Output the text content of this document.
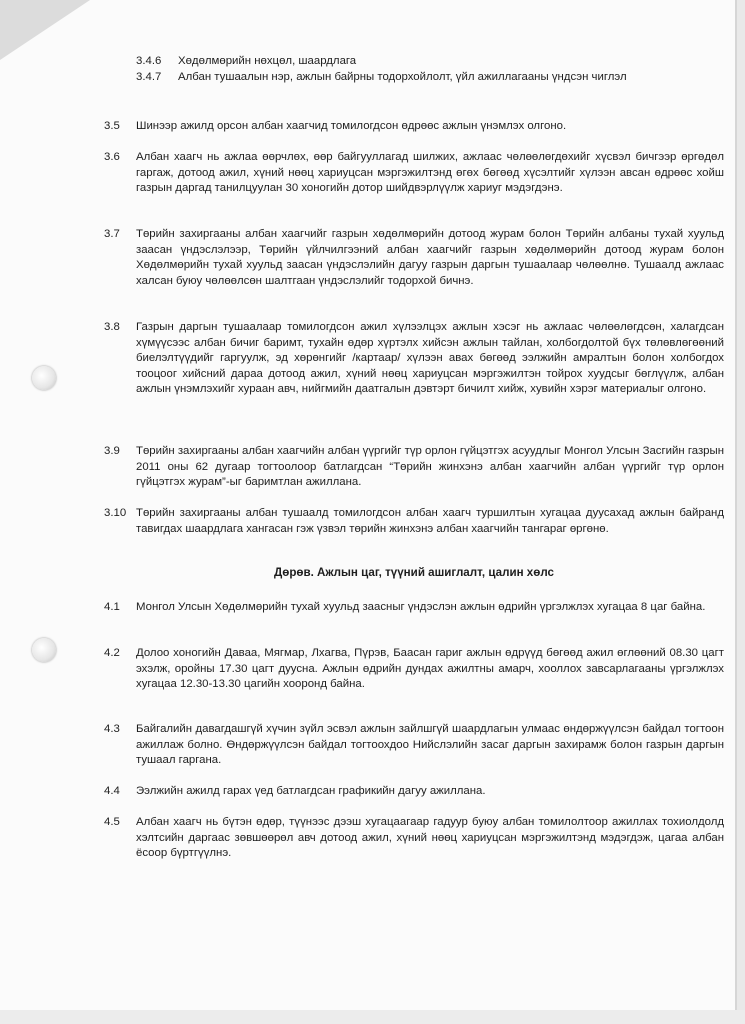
3.4.6	Хөдөлмөрийн нөхцөл, шаардлага
3.4.7	Албан тушаалын нэр, ажлын байрны тодорхойлолт, үйл ажиллагааны үндсэн чиглэл
3.5	Шинээр ажилд орсон албан хаагчид томилогдсон өдрөөс ажлын үнэмлэх олгоно.
3.6	Албан хаагч нь ажлаа өөрчлөх, өөр байгууллагад шилжих, ажлаас чөлөөлөгдөхийг хүсвэл бичгээр өргөдөл гаргаж, дотоод ажил, хүний нөөц хариуцсан мэргэжилтэнд өгөх бөгөөд хүсэлтийг хүлээн авсан өдрөөс хойш газрын даргад танилцуулан 30 хоногийн дотор шийдвэрлүүлж хариуг мэдэгдэнэ.
3.7	Төрийн захиргааны албан хаагчийг газрын хөдөлмөрийн дотоод журам болон Төрийн албаны тухай хуульд заасан үндэслэлээр, Төрийн үйлчилгээний албан хаагчийг газрын хөдөлмөрийн дотоод журам болон Хөдөлмөрийн тухай хуульд заасан үндэслэлийн дагуу газрын даргын тушаалаар чөлөөлнө. Тушаалд ажлаас халсан буюу чөлөөлсөн шалтгаан үндэслэлийг тодорхой бичнэ.
3.8	Газрын даргын тушаалаар томилогдсон ажил хүлээлцэх ажлын хэсэг нь ажлаас чөлөөлөгдсөн, халагдсан хүмүүсээс албан бичиг баримт, тухайн өдөр хүртэлх хийсэн ажлын тайлан, холбогдолтой бүх төлөвлөгөөний биелэлтүүдийг гаргуулж, эд хөрөнгийг /картаар/ хүлээн авах бөгөөд ээлжийн амралтын болон холбогдох тооцоог хийсний дараа дотоод ажил, хүний нөөц хариуцсан мэргэжилтэн тойрох хуудсыг бөглүүлж, албан ажлын үнэмлэхийг хураан авч, нийгмийн даатгалын дэвтэрт бичилт хийж, хувийн хэрэг материалыг олгоно.
3.9	Төрийн захиргааны албан хаагчийн албан үүргийг түр орлон гүйцэтгэх асуудлыг Монгол Улсын Засгийн газрын 2011 оны 62 дугаар тогтоолоор батлагдсан “Төрийн жинхэнэ албан хаагчийн албан үүргийг түр орлон гүйцэтгэх журам”-ыг баримтлан ажиллана.
3.10 Төрийн захиргааны албан тушаалд томилогдсон албан хаагч туршилтын хугацаа дуусахад ажлын байранд тавигдах шаардлага хангасан гэж үзвэл төрийн жинхэнэ албан хаагчийн тангараг өргөнө.
Дөрөв. Ажлын цаг, түүний ашиглалт, цалин хөлс
4.1	Монгол Улсын Хөдөлмөрийн тухай хуульд заасныг үндэслэн ажлын өдрийн үргэлжлэх хугацаа 8 цаг байна.
4.2	Долоо хоногийн Даваа, Мягмар, Лхагва, Пүрэв, Баасан гариг ажлын өдрүүд бөгөөд ажил өглөөний 08.30 цагт эхэлж, оройны 17.30 цагт дуусна. Ажлын өдрийн дундах ажилтны амарч, хооллох завсарлагааны үргэлжлэх хугацаа 12.30-13.30 цагийн хооронд байна.
4.3	Байгалийн давагдашгүй хүчин зүйл эсвэл ажлын зайлшгүй шаардлагын улмаас өндөржүүлсэн байдал тогтоон ажиллаж болно. Өндөржүүлсэн байдал тогтоохдоо Нийслэлийн засаг даргын захирамж болон газрын даргын тушаал гаргана.
4.4	Ээлжийн ажилд гарах үед батлагдсан графикийн дагуу ажиллана.
4.5	Албан хаагч нь бүтэн өдөр, түүнээс дээш хугацаагаар гадуур буюу албан томилолтоор ажиллах тохиолдолд хэлтсийн даргаас зөвшөөрөл авч дотоод ажил, хүний нөөц хариуцсан мэргэжилтэнд мэдэгдэж, цагаа албан ёсоор бүртгүүлнэ.
